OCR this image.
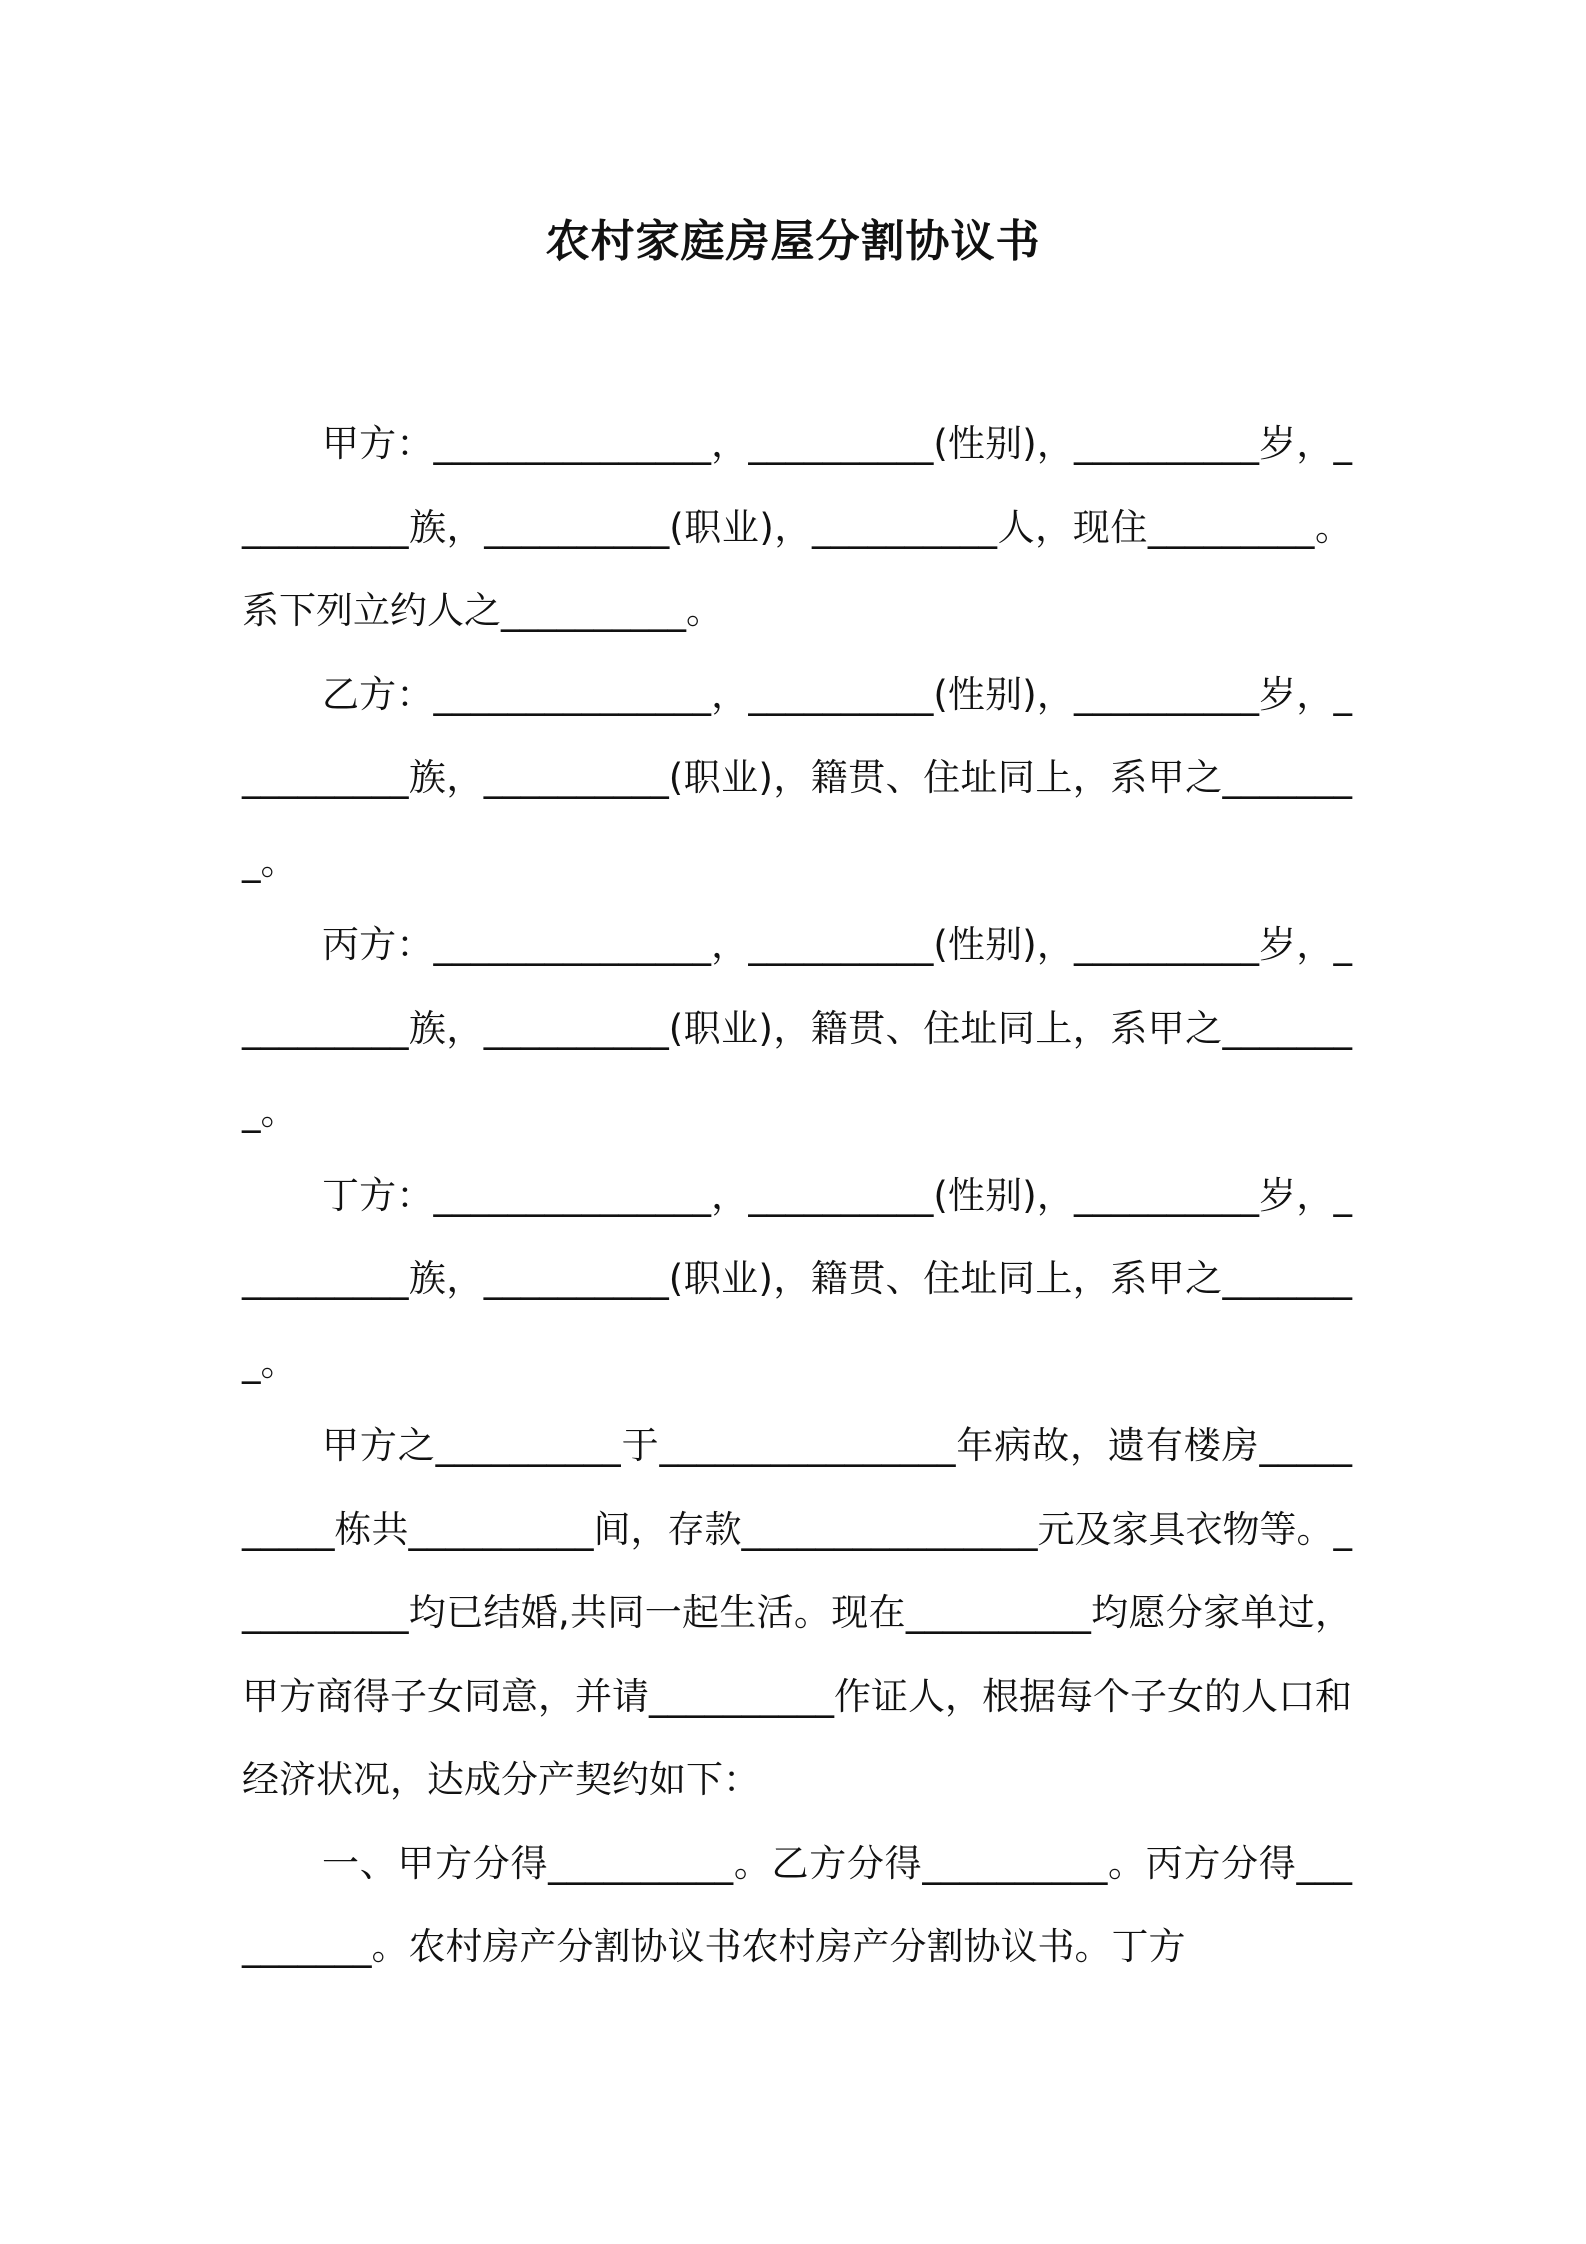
农村家庭房屋分割协议书

甲方：_______________，__________(性别)，__________岁，__________族，__________(职业)，__________人，现住_________。系下列立约人之__________。

乙方：_______________，__________(性别)，__________岁，__________族，__________(职业)，籍贯、住址同上，系甲之________。

丙方：_______________，__________(性别)，__________岁，__________族，__________(职业)，籍贯、住址同上，系甲之________。

丁方：_______________，__________(性别)，__________岁，__________族，__________(职业)，籍贯、住址同上，系甲之________。

甲方之__________于________________年病故，遗有楼房__________栋共__________间，存款________________元及家具衣物等。__________均已结婚,共同一起生活。现在__________均愿分家单过，甲方商得子女同意，并请__________作证人，根据每个子女的人口和经济状况，达成分产契约如下：

一、甲方分得__________。乙方分得__________。丙方分得__________。农村房产分割协议书农村房产分割协议书。丁方
